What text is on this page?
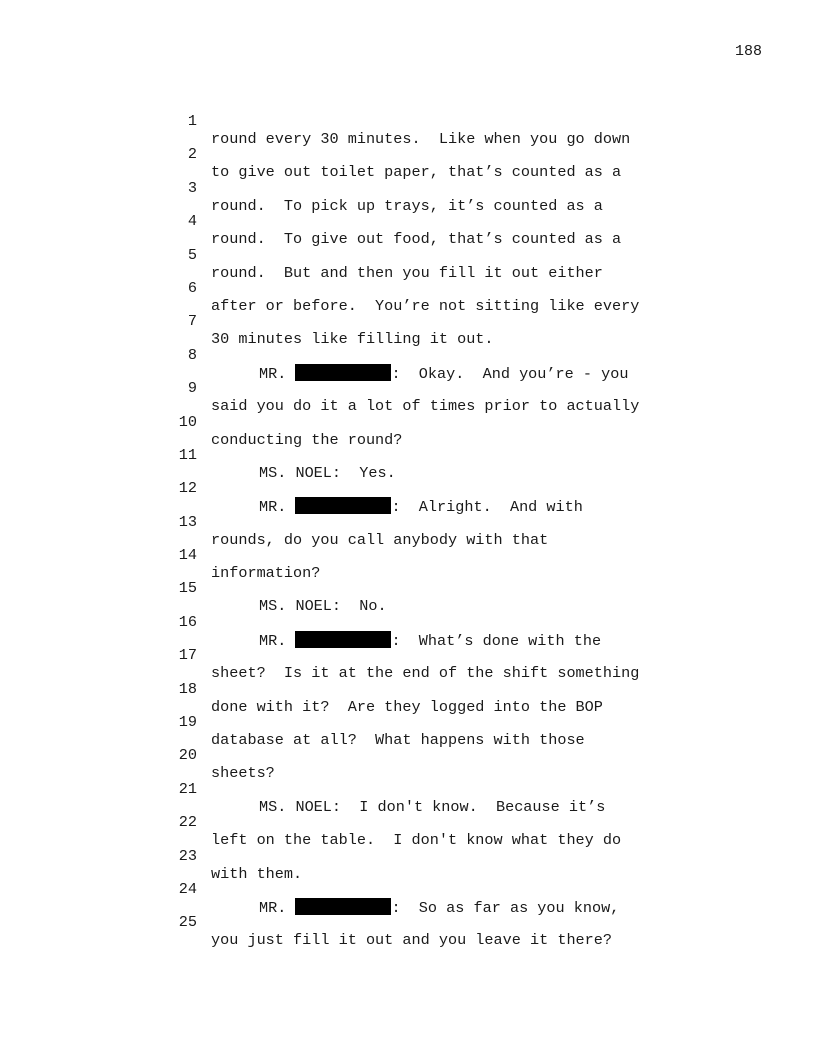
188

1

round every 30 minutes.  Like when you go down

2

to give out toilet paper, that’s counted as a

3

round.  To pick up trays, it’s counted as a

4

round.  To give out food, that’s counted as a

5

round.  But and then you fill it out either

6

after or before.  You’re not sitting like every

7

30 minutes like filling it out.

8

MR.	:  Okay.  And you’re - you

9

said you do it a lot of times prior to actually

10

conducting the round?

11

MS. NOEL:  Yes.

12

MR.	:  Alright.  And with

13

rounds, do you call anybody with that

14

information?

15

MS. NOEL:  No.

16

MR.	:  What’s done with the

17

sheet?  Is it at the end of the shift something

18

done with it?  Are they logged into the BOP

19

database at all?  What happens with those

20

sheets?

21

MS. NOEL:  I don't know.  Because it’s

22

left on the table.  I don't know what they do

23

with them.

24

MR.	:  So as far as you know,

25

you just fill it out and you leave it there?
